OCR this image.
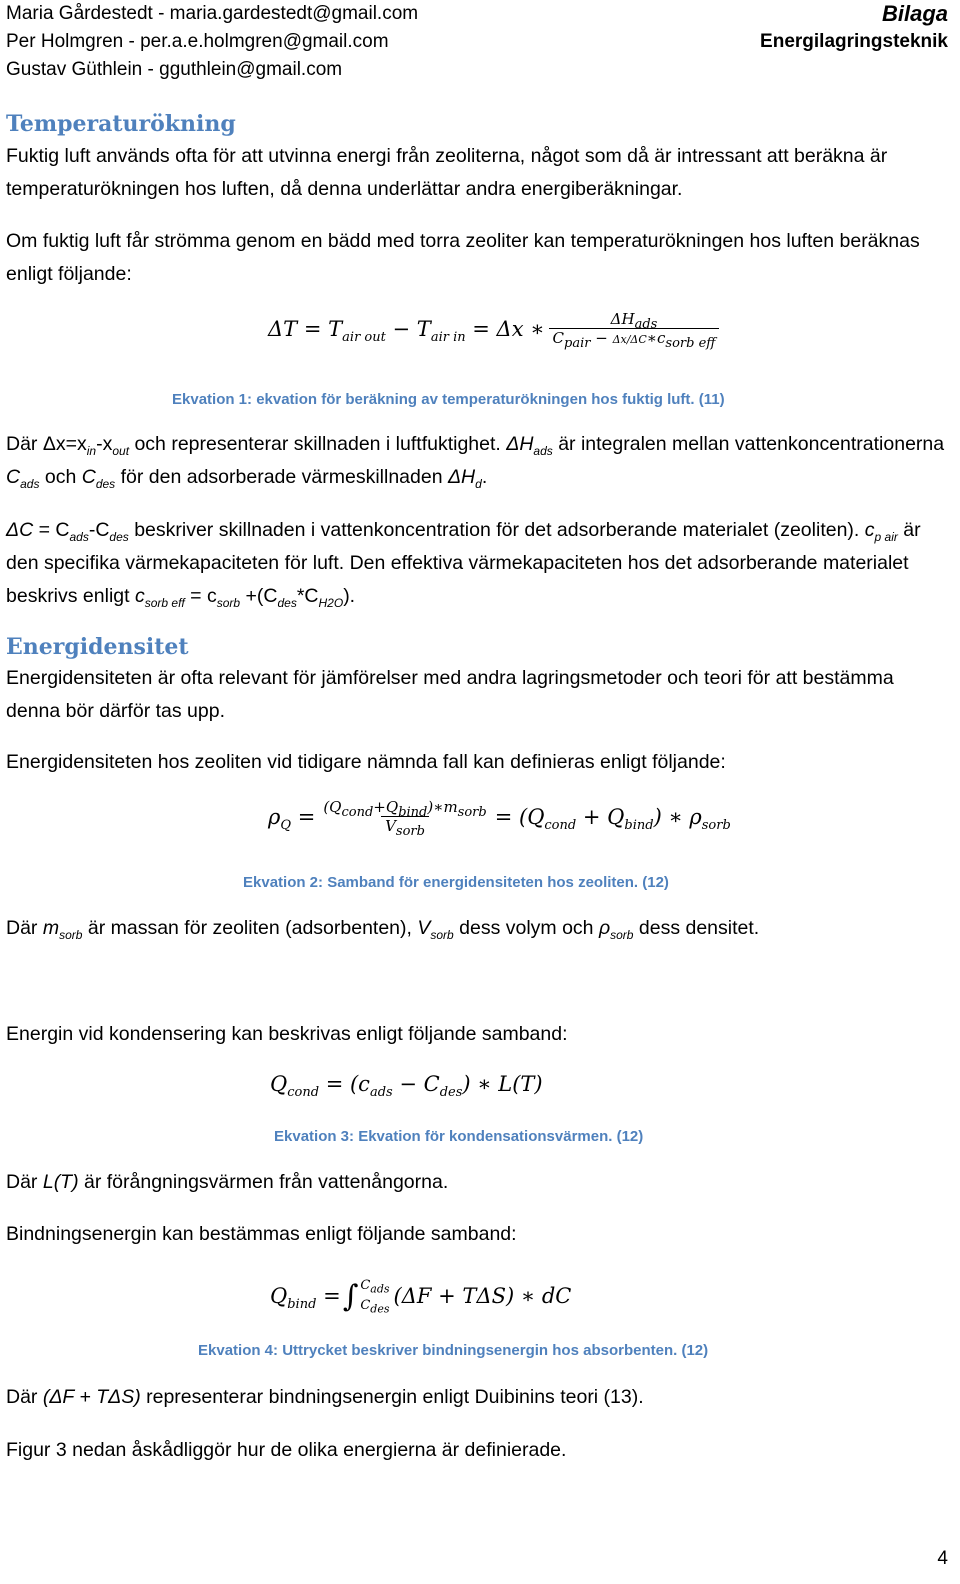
Maria Gårdestedt - maria.gardestedt@gmail.com
Per Holmgren - per.a.e.holmgren@gmail.com
Gustav Güthlein - gguthlein@gmail.com
Bilaga
Energilagringsteknik
Temperaturökning
Fuktig luft används ofta för att utvinna energi från zeoliterna, något som då är intressant att beräkna är temperaturökningen hos luften, då denna underlättar andra energiberäkningar.
Om fuktig luft får strömma genom en bädd med torra zeoliter kan temperaturökningen hos luften beräknas enligt följande:
$\Delta T = T_{air out} - T_{air in} = \Delta x$ ∗ $\frac{\Delta H_{ads}}{C_{pair} - \Delta x/\Delta C∗c_{sorb eff}}$
Ekvation 1: ekvation för beräkning av temperaturökningen hos fuktig luft. (11)
Där $\Delta x=x_{in}-x_{out}$ och representerar skillnaden i luftfuktighet. $\Delta H_{ads}$ är integralen mellan vattenkoncentrationerna $C_{ads}$ och $C_{des}$ för den adsorberade värmeskillnaden $\Delta H_d$.
$\Delta C = C_{ads}-C_{des}$ beskriver skillnaden i vattenkoncentration för det adsorberande materialet (zeoliten). $c_{p air}$ är den specifika värmekapaciteten för luft. Den effektiva värmekapaciteten hos det adsorberande materialet beskrivs enligt $c_{sorb eff} = c_{sorb} +(C_{des}*C_{H2O})$.
Energidensitet
Energidensiteten är ofta relevant för jämförelser med andra lagringsmetoder och teori för att bestämma denna bör därför tas upp.
Energidensiteten hos zeoliten vid tidigare nämnda fall kan definieras enligt följande:
$\rho_Q = \frac{(Q_{cond}+Q_{bind})∗m_{sorb}}{V_{sorb}} = (Q_{cond} + Q_{bind})$ ∗ $\rho_{sorb}$
Ekvation 2: Samband för energidensiteten hos zeoliten. (12)
Där $m_{sorb}$ är massan för zeoliten (adsorbenten), $V_{sorb}$ dess volym och $\rho_{sorb}$ dess densitet.
Energin vid kondensering kan beskrivas enligt följande samband:
$Q_{cond} = (c_{ads} - C_{des})$ ∗ L(T)
Ekvation 3: Ekvation för kondensationsvärmen. (12)
Där L(T) är förångningsvärmen från vattenångorna.
Bindningsenergin kan bestämmas enligt följande samband:
$Q_{bind}$ = ∫ $C_{ads}$
$C_{des}$
(ΔF + TΔS) ∗ dC
Ekvation 4: Uttrycket beskriver bindningsenergin hos absorbenten. (12)
Där (ΔF + TΔS) representerar bindningsenergin enligt Duibinins teori (13).
Figur 3 nedan åskådliggör hur de olika energierna är definierade.
4
